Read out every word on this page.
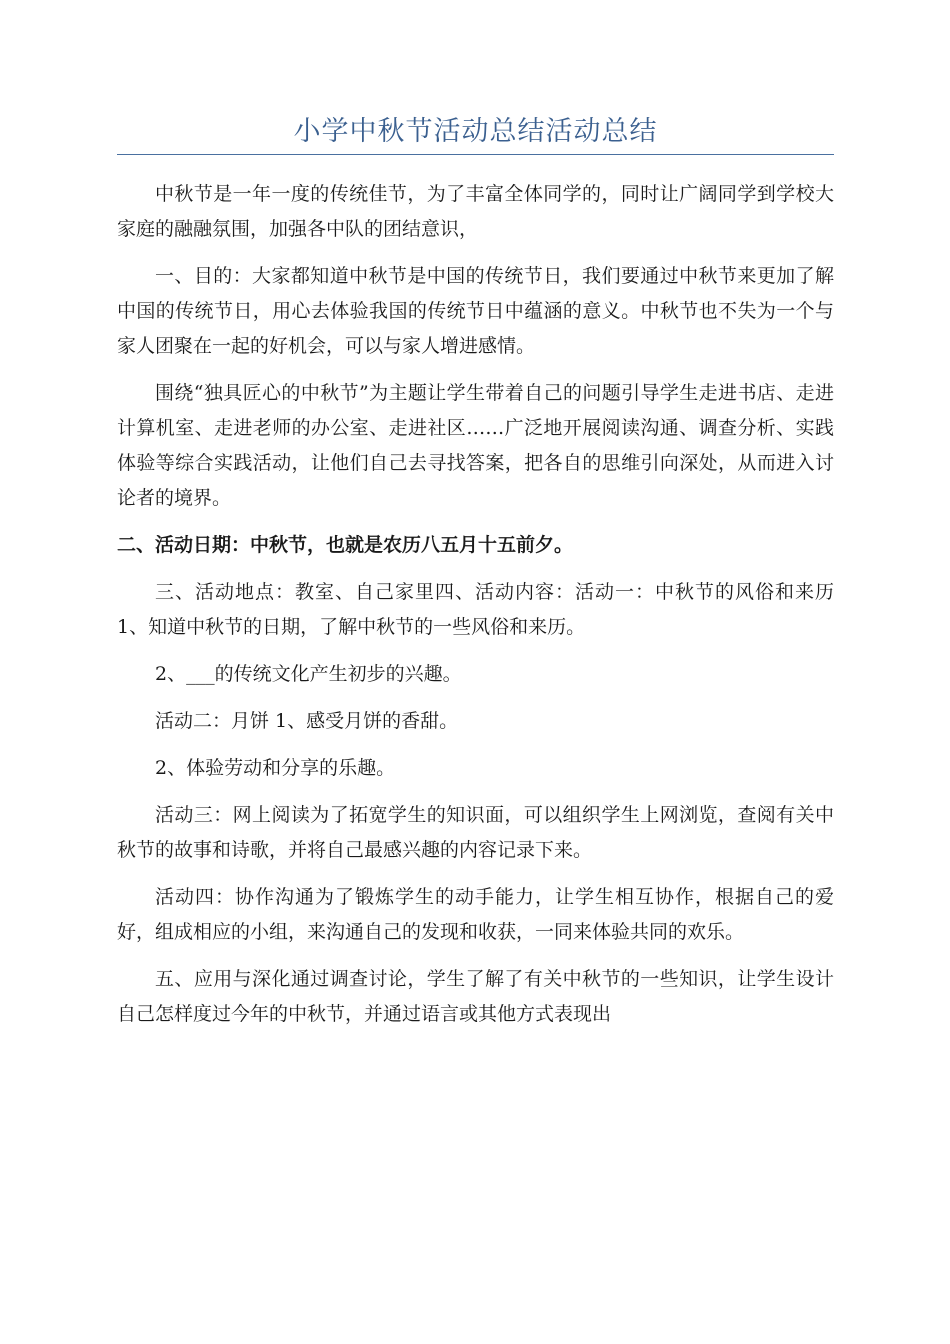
小学中秋节活动总结活动总结

中秋节是一年一度的传统佳节，为了丰富全体同学的，同时让广阔同学到学校大家庭的融融氛围，加强各中队的团结意识，

一、目的：大家都知道中秋节是中国的传统节日，我们要通过中秋节来更加了解中国的传统节日，用心去体验我国的传统节日中蕴涵的意义。中秋节也不失为一个与家人团聚在一起的好机会，可以与家人增进感情。

围绕“独具匠心的中秋节”为主题让学生带着自己的问题引导学生走进书店、走进计算机室、走进老师的办公室、走进社区……广泛地开展阅读沟通、调查分析、实践体验等综合实践活动，让他们自己去寻找答案，把各自的思维引向深处，从而进入讨论者的境界。

二、活动日期：中秋节，也就是农历八五月十五前夕。

三、活动地点：教室、自己家里四、活动内容：活动一：中秋节的风俗和来历 1、知道中秋节的日期，了解中秋节的一些风俗和来历。

2、___的传统文化产生初步的兴趣。

活动二：月饼 1、感受月饼的香甜。

2、体验劳动和分享的乐趣。

活动三：网上阅读为了拓宽学生的知识面，可以组织学生上网浏览，查阅有关中秋节的故事和诗歌，并将自己最感兴趣的内容记录下来。

活动四：协作沟通为了锻炼学生的动手能力，让学生相互协作，根据自己的爱好，组成相应的小组，来沟通自己的发现和收获，一同来体验共同的欢乐。

五、应用与深化通过调查讨论，学生了解了有关中秋节的一些知识，让学生设计自己怎样度过今年的中秋节，并通过语言或其他方式表现出
